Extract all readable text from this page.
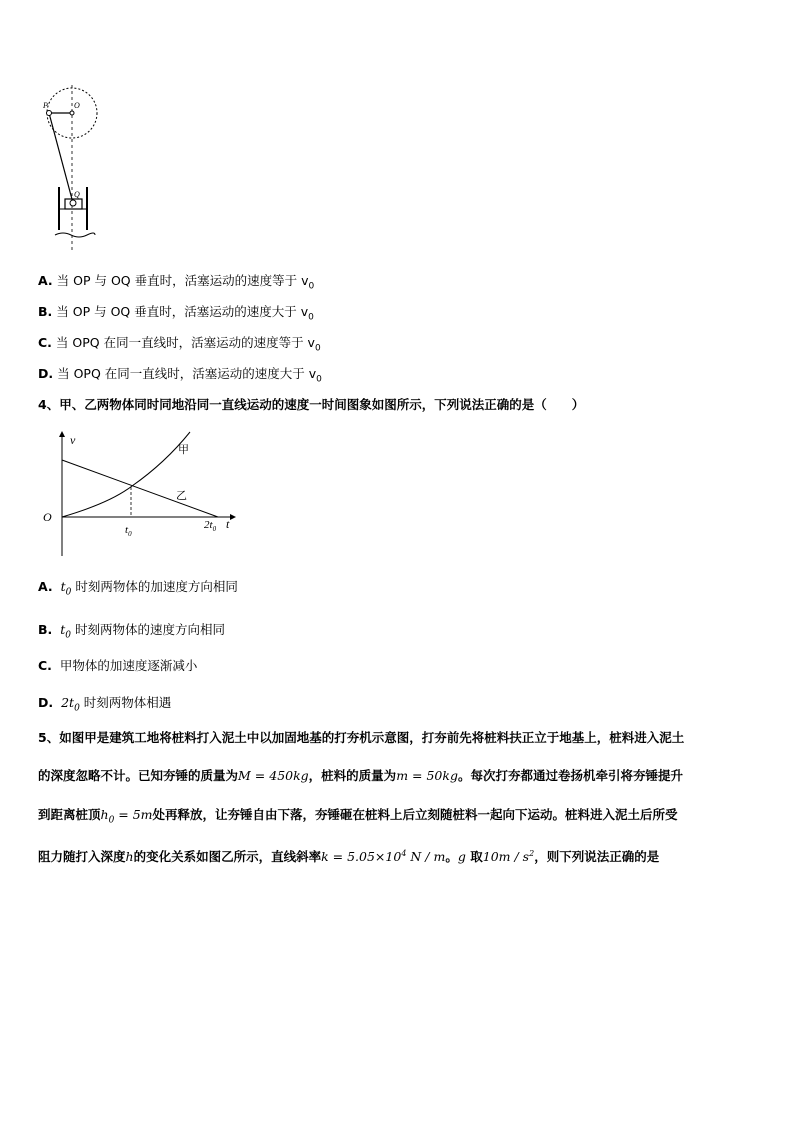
P	O
Q
A. 当 OP 与 OQ 垂直时，活塞运动的速度等于 $v_0$
B. 当 OP 与 OQ 垂直时，活塞运动的速度大于 $v_0$
C. 当 OPQ 在同一直线时，活塞运动的速度等于 $v_0$
D. 当 OPQ 在同一直线时，活塞运动的速度大于 $v_0$
4、甲、乙两物体同时同地沿同一直线运动的速度一时间图象如图所示，下列说法正确的是（　　）
v
t
O
甲
乙
$t_0$
$2t_0$
A. $t_0$ 时刻两物体的加速度方向相同
B. $t_0$ 时刻两物体的速度方向相同
C. 甲物体的加速度逐渐减小
D. $2t_0$ 时刻两物体相遇
5、如图甲是建筑工地将桩料打入泥土中以加固地基的打夯机示意图，打夯前先将桩料扶正立于地基上，桩料进入泥土
的深度忽略不计。已知夯锤的质量为M = 450kg，桩料的质量为m = 50kg。每次打夯都通过卷扬机牵引将夯锤提升
到距离桩顶$h_0 = 5m$处再释放，让夯锤自由下落，夯锤砸在桩料上后立刻随桩料一起向下运动。桩料进入泥土后所受
阻力随打入深度h的变化关系如图乙所示，直线斜率$k = 5.05\times 10^4$ N / m。g 取$10m / s^2$，则下列说法正确的是
